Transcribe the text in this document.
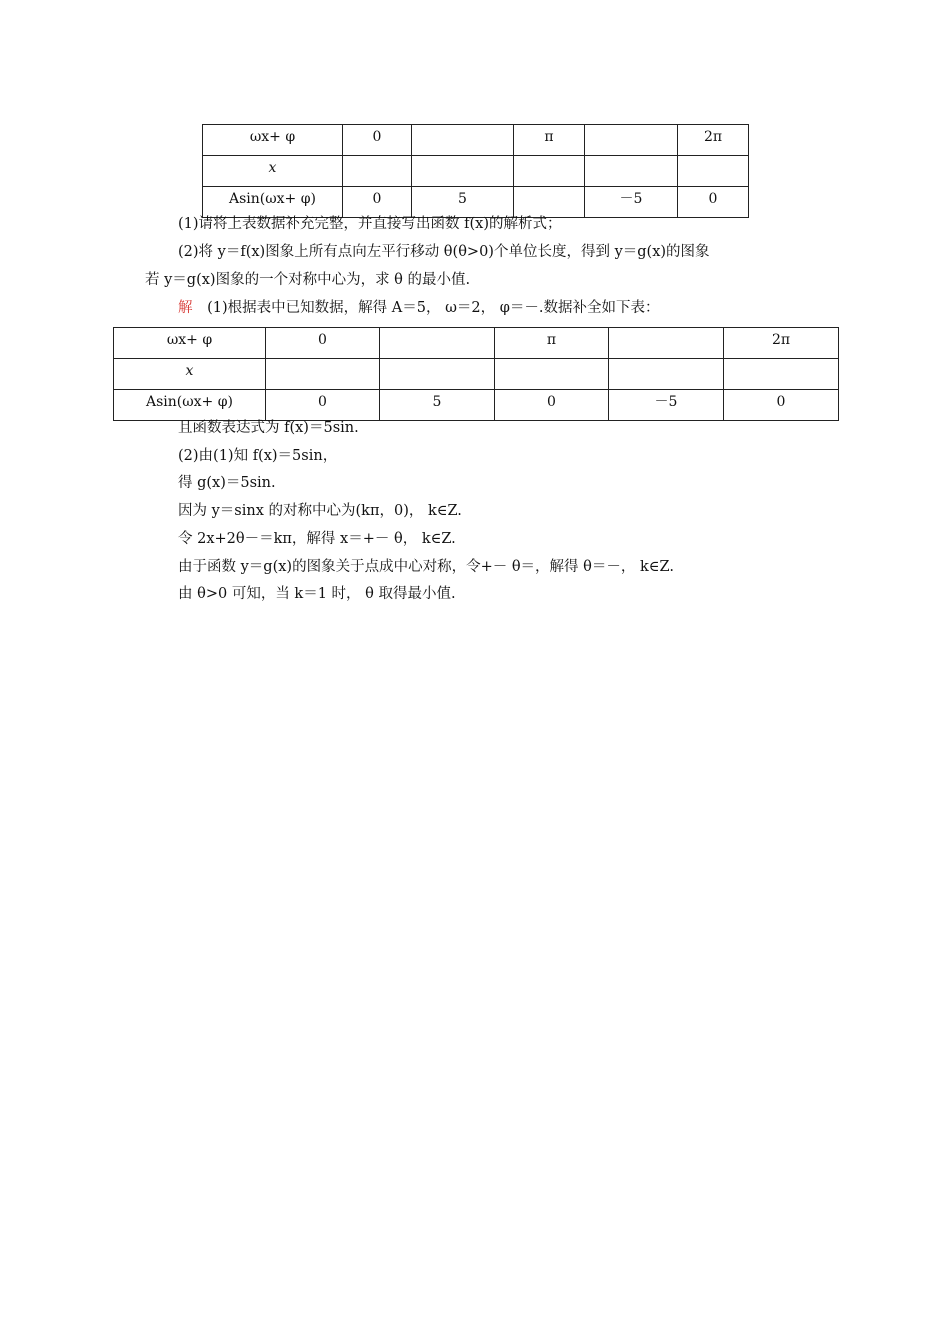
ωx+ φ	0		π		2π
x					
Asin(ωx+ φ)	0	5		－5	0
(1)请将上表数据补充完整，并直接写出函数 f(x)的解析式；
(2)将 y＝f(x)图象上所有点向左平行移动 θ(θ>0)个单位长度，得到 y＝g(x)的图象
若 y＝g(x)图象的一个对称中心为，求 θ 的最小值.
解 (1)根据表中已知数据，解得 A＝5， ω＝2， φ＝－.数据补全如下表：
ωx+ φ	0		π		2π
x					
Asin(ωx+ φ)	0	5	0	－5	0
且函数表达式为 f(x)＝5sin.
(2)由(1)知 f(x)＝5sin，
得 g(x)＝5sin.
因为 y＝sinx 的对称中心为(kπ，0)， k∈Z.
令 2x+2θ－＝kπ，解得 x＝+－ θ， k∈Z.
由于函数 y＝g(x)的图象关于点成中心对称，令+－ θ＝，解得 θ＝－， k∈Z.
由 θ>0 可知，当 k＝1 时， θ 取得最小值.
